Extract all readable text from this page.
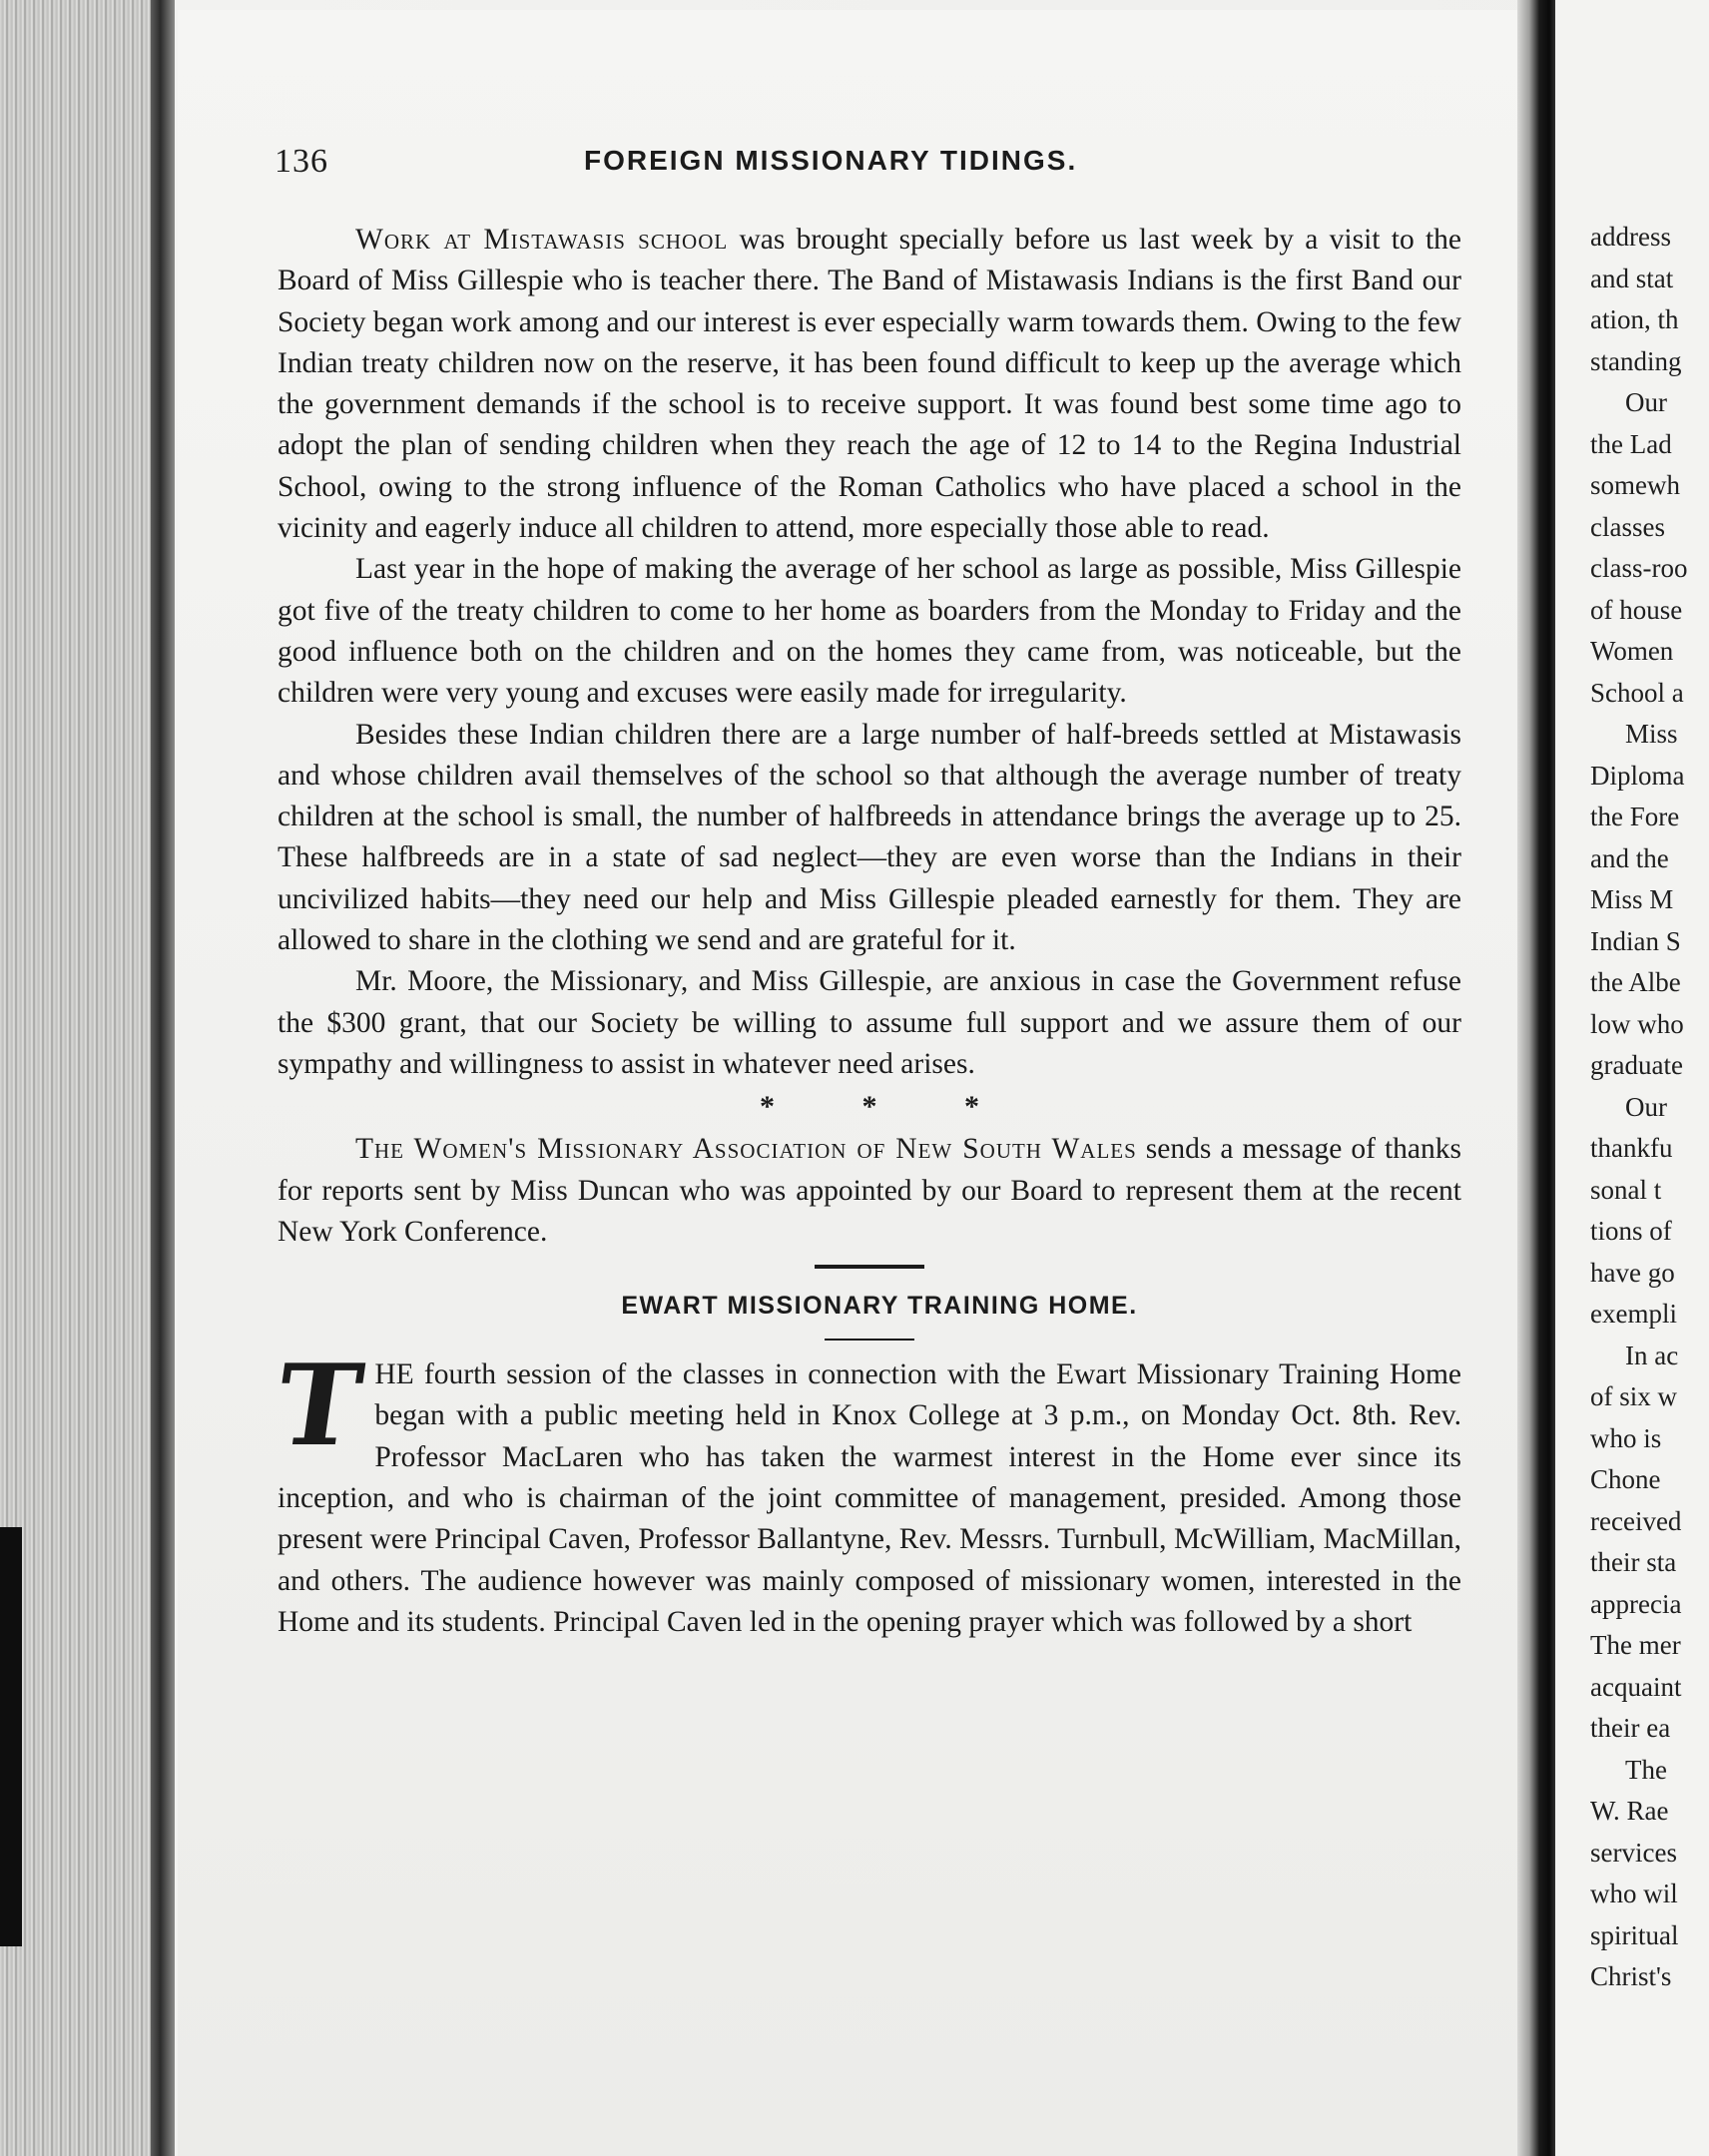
136	FOREIGN MISSIONARY TIDINGS.

Work at Mistawasis school was brought specially before us last week by a visit to the Board of Miss Gillespie who is teacher there. The Band of Mistawasis Indians is the first Band our Society began work among and our interest is ever especially warm towards them. Owing to the few Indian treaty children now on the reserve, it has been found difficult to keep up the average which the government demands if the school is to receive support. It was found best some time ago to adopt the plan of sending children when they reach the age of 12 to 14 to the Regina Industrial School, owing to the strong influence of the Roman Catholics who have placed a school in the vicinity and eagerly induce all children to attend, more especially those able to read.

Last year in the hope of making the average of her school as large as possible, Miss Gillespie got five of the treaty children to come to her home as boarders from the Monday to Friday and the good influence both on the children and on the homes they came from, was noticeable, but the children were very young and excuses were easily made for irregularity.

Besides these Indian children there are a large number of half-breeds settled at Mistawasis and whose children avail themselves of the school so that although the average number of treaty children at the school is small, the number of halfbreeds in attendance brings the average up to 25. These halfbreeds are in a state of sad neglect—they are even worse than the Indians in their uncivilized habits—they need our help and Miss Gillespie pleaded earnestly for them. They are allowed to share in the clothing we send and are grateful for it.

Mr. Moore, the Missionary, and Miss Gillespie, are anxious in case the Government refuse the $300 grant, that our Society be willing to assume full support and we assure them of our sympathy and willingness to assist in whatever need arises.

* * *

The Women's Missionary Association of New South Wales sends a message of thanks for reports sent by Miss Duncan who was appointed by our Board to represent them at the recent New York Conference.

EWART MISSIONARY TRAINING HOME.

THE fourth session of the classes in connection with the Ewart Missionary Training Home began with a public meeting held in Knox College at 3 p.m., on Monday Oct. 8th. Rev. Professor MacLaren who has taken the warmest interest in the Home ever since its inception, and who is chairman of the joint committee of management, presided. Among those present were Principal Caven, Professor Ballantyne, Rev. Messrs. Turnbull, McWilliam, MacMillan, and others. The audience however was mainly composed of missionary women, interested in the Home and its students. Principal Caven led in the opening prayer which was followed by a short

address
and stat
ation, th
standing
Our
the Lad
somewh
classes
class-roo
of house
Women
School a
Miss
Diploma
the Fore
and the
Miss M
Indian S
the Albe
low who
graduate
Our
thankfu
sonal t
tions of
have go
exempli
In ac
of six w
who is
Chone
received
their sta
apprecia
The mer
acquaint
their ea
The
W. Rae
services
who wil
spiritual
Christ's
